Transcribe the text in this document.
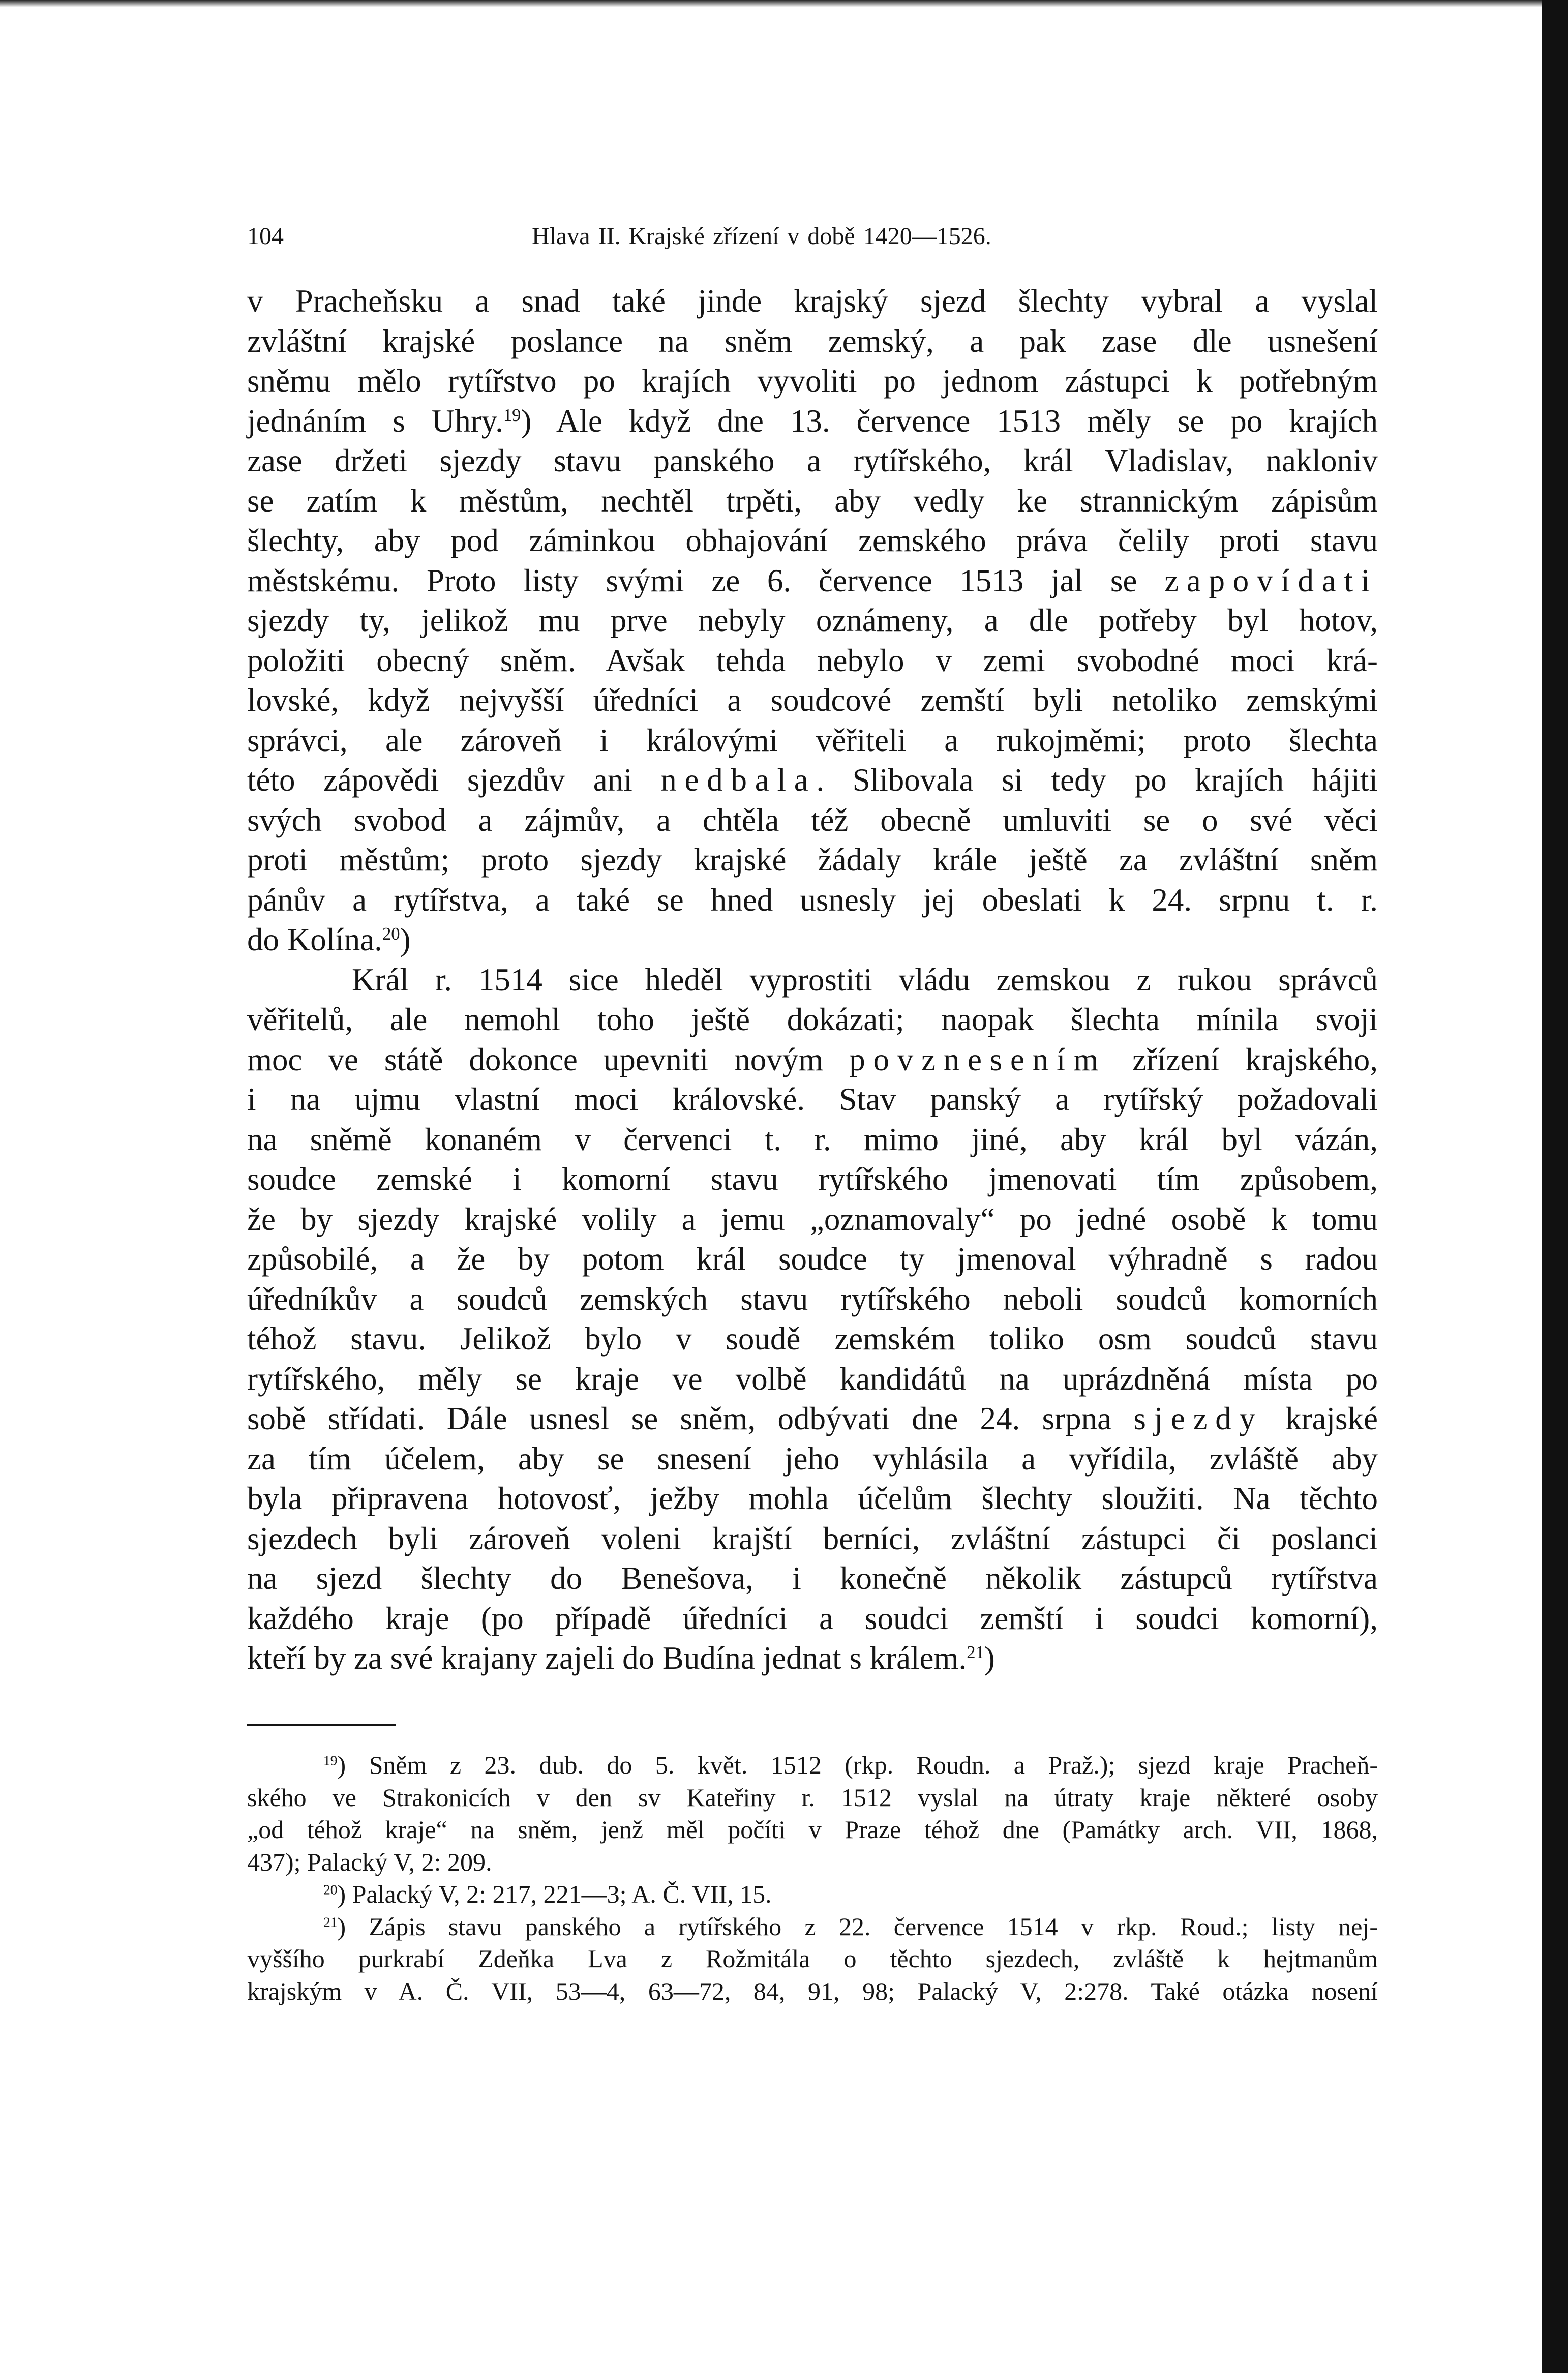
104	Hlava II. Krajské zřízení v době 1420—1526.
v Pracheňsku a snad také jinde krajský sjezd šlechty vybral a vyslal
zvláštní krajské poslance na sněm zemský, a pak zase dle usnešení
sněmu mělo rytířstvo po krajích vyvoliti po jednom zástupci k potřebným
jednáním s Uhry.$^{19}$) Ale když dne 13. července 1513 měly se po krajích
zase držeti sjezdy stavu panského a rytířského, král Vladislav, nakloniv
se zatím k městům, nechtěl trpěti, aby vedly ke strannickým zápisům
šlechty, aby pod záminkou obhajování zemského práva čelily proti stavu
městskému. Proto listy svými ze 6. července 1513 jal se zapovídati
sjezdy ty, jelikož mu prve nebyly oznámeny, a dle potřeby byl hotov,
položiti obecný sněm. Avšak tehda nebylo v zemi svobodné moci krá-
lovské, když nejvyšší úředníci a soudcové zemští byli netoliko zemskými
správci, ale zároveň i královými věřiteli a rukojměmi; proto šlechta
této zápovědi sjezdův ani nedbala. Slibovala si tedy po krajích hájiti
svých svobod a zájmův, a chtěla též obecně umluviti se o své věci
proti městům; proto sjezdy krajské žádaly krále ještě za zvláštní sněm
pánův a rytířstva, a také se hned usnesly jej obeslati k 24. srpnu t. r.
do Kolína.$^{20}$)
Král r. 1514 sice hleděl vyprostiti vládu zemskou z rukou správců
věřitelů, ale nemohl toho ještě dokázati; naopak šlechta mínila svoji
moc ve státě dokonce upevniti novým povznesením zřízení krajského,
i na ujmu vlastní moci královské. Stav panský a rytířský požadovali
na sněmě konaném v červenci t. r. mimo jiné, aby král byl vázán,
soudce zemské i komorní stavu rytířského jmenovati tím způsobem,
že by sjezdy krajské volily a jemu „oznamovaly“ po jedné osobě k tomu
způsobilé, a že by potom král soudce ty jmenoval výhradně s radou
úředníkův a soudců zemských stavu rytířského neboli soudců komorních
téhož stavu. Jelikož bylo v soudě zemském toliko osm soudců stavu
rytířského, měly se kraje ve volbě kandidátů na uprázdněná místa po
sobě střídati. Dále usnesl se sněm, odbývati dne 24. srpna sjezdy krajské
za tím účelem, aby se snesení jeho vyhlásila a vyřídila, zvláště aby
byla připravena hotovosť, ježby mohla účelům šlechty sloužiti. Na těchto
sjezdech byli zároveň voleni krajští berníci, zvláštní zástupci či poslanci
na sjezd šlechty do Benešova, i konečně několik zástupců rytířstva
každého kraje (po případě úředníci a soudci zemští i soudci komorní),
kteří by za své krajany zajeli do Budína jednat s králem.$^{21}$)
$^{19}$) Sněm z 23. dub. do 5. květ. 1512 (rkp. Roudn. a Praž.); sjezd kraje Pracheň-
ského ve Strakonicích v den sv Kateřiny r. 1512 vyslal na útraty kraje některé osoby
„od téhož kraje“ na sněm, jenž měl počíti v Praze téhož dne (Památky arch. VII, 1868,
437); Palacký V, 2: 209.
$^{20}$) Palacký V, 2: 217, 221—3; A. Č. VII, 15.
$^{21}$) Zápis stavu panského a rytířského z 22. července 1514 v rkp. Roud.; listy nej-
vyššího purkrabí Zdeňka Lva z Rožmitála o těchto sjezdech, zvláště k hejtmanům
krajským v A. Č. VII, 53—4, 63—72, 84, 91, 98; Palacký V, 2:278. Také otázka nosení
